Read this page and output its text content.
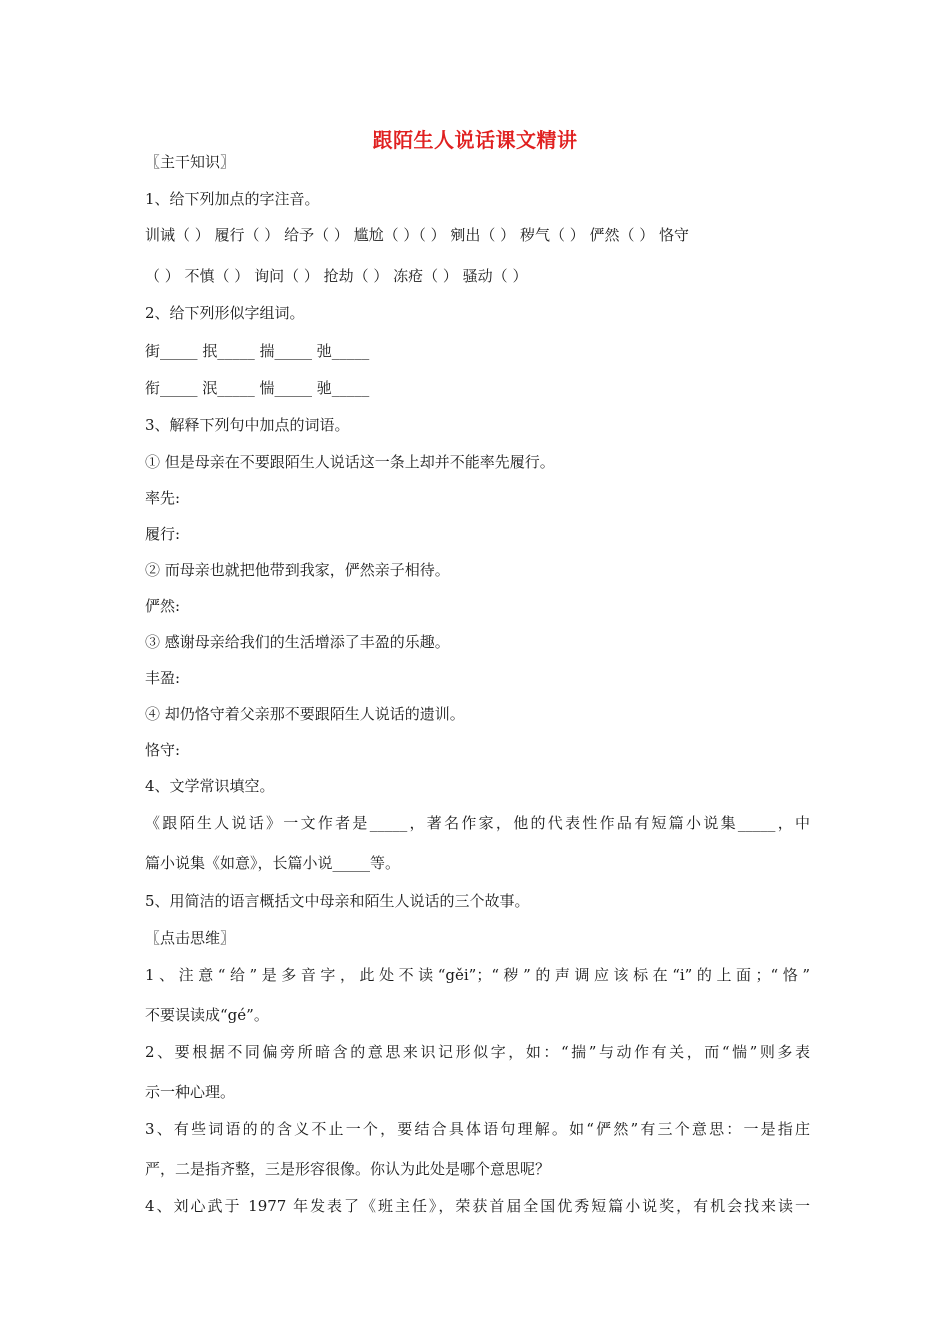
跟陌生人说话课文精讲
〖主干知识〗
1、给下列加点的字注音。
训诫（ ） 履行（ ） 给予（ ） 尴尬（ ）（ ） 剜出（ ） 秽气（ ） 俨然（ ） 恪守
（ ） 不慎（ ） 询问（ ） 抢劫（ ） 冻疮（ ） 骚动（ ）
2、给下列形似字组词。
街_____ 抿_____ 揣_____ 弛_____
衔_____ 泯_____ 惴_____ 驰_____
3、解释下列句中加点的词语。
① 但是母亲在不要跟陌生人说话这一条上却并不能率先履行。
率先:
履行:
② 而母亲也就把他带到我家，俨然亲子相待。
俨然:
③ 感谢母亲给我们的生活增添了丰盈的乐趣。
丰盈:
④ 却仍恪守着父亲那不要跟陌生人说话的遗训。
恪守:
4、文学常识填空。
《跟陌生人说话》一文作者是_____，著名作家，他的代表性作品有短篇小说集_____，中
篇小说集《如意》，长篇小说_____等。
5、用简洁的语言概括文中母亲和陌生人说话的三个故事。
〖点击思维〗
1、注意“给”是多音字，此处不读“gěi”；“秽”的声调应该标在“i”的上面；“恪”
不要误读成“gé”。
2、要根据不同偏旁所暗含的意思来识记形似字，如：“揣”与动作有关，而“惴”则多表
示一种心理。
3、有些词语的的含义不止一个，要结合具体语句理解。如“俨然”有三个意思：一是指庄
严，二是指齐整，三是形容很像。你认为此处是哪个意思呢？
4、刘心武于 1977 年发表了《班主任》，荣获首届全国优秀短篇小说奖，有机会找来读一
